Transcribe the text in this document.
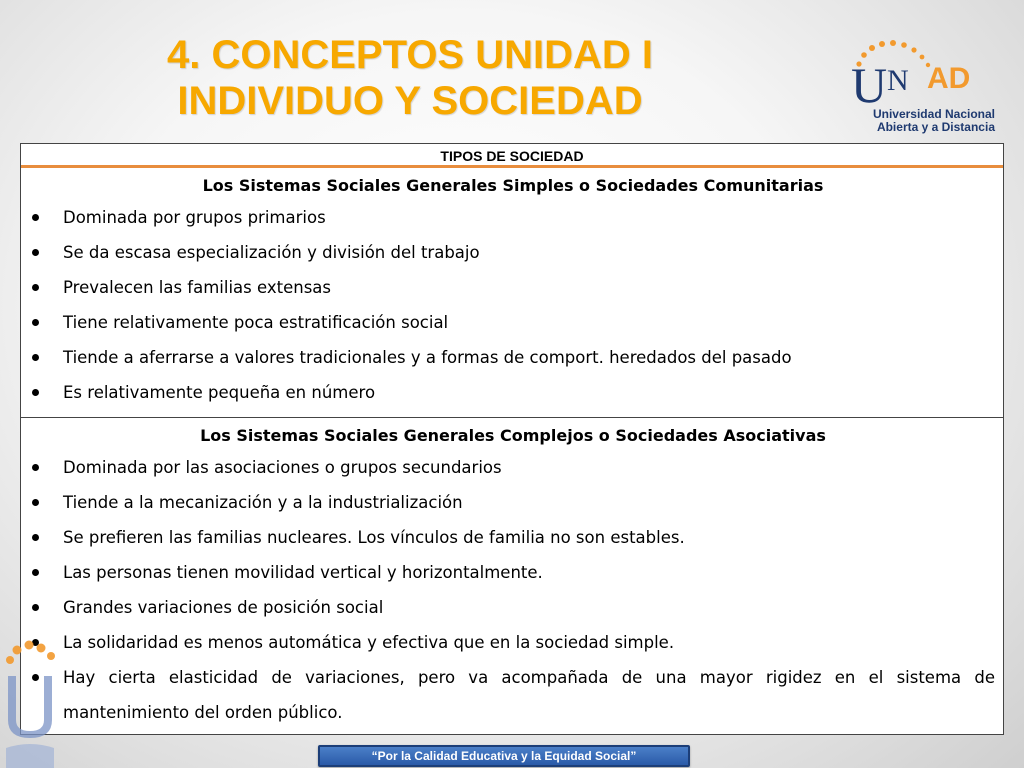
4. CONCEPTOS UNIDAD I
INDIVIDUO Y SOCIEDAD	U N AD
Universidad Nacional
Abierta y a Distancia
TIPOS DE SOCIEDAD
Los Sistemas Sociales Generales Simples o Sociedades Comunitarias
Dominada por grupos primarios
Se da escasa especialización y división del trabajo
Prevalecen las familias extensas
Tiene relativamente poca estratificación social
Tiende a aferrarse a valores tradicionales y a formas de comport. heredados del pasado
Es relativamente pequeña en número
Los Sistemas Sociales Generales Complejos o Sociedades Asociativas
Dominada por las asociaciones o grupos secundarios
Tiende a la mecanización y a la industrialización
Se prefieren las familias nucleares. Los vínculos de familia no son estables.
Las personas tienen movilidad vertical y horizontalmente.
Grandes variaciones de posición social
La solidaridad es menos automática y efectiva que en la sociedad simple.
Hay cierta elasticidad de variaciones, pero va acompañada de una mayor rigidez en el sistema de mantenimiento del orden público.
“Por la Calidad Educativa y la Equidad Social”
